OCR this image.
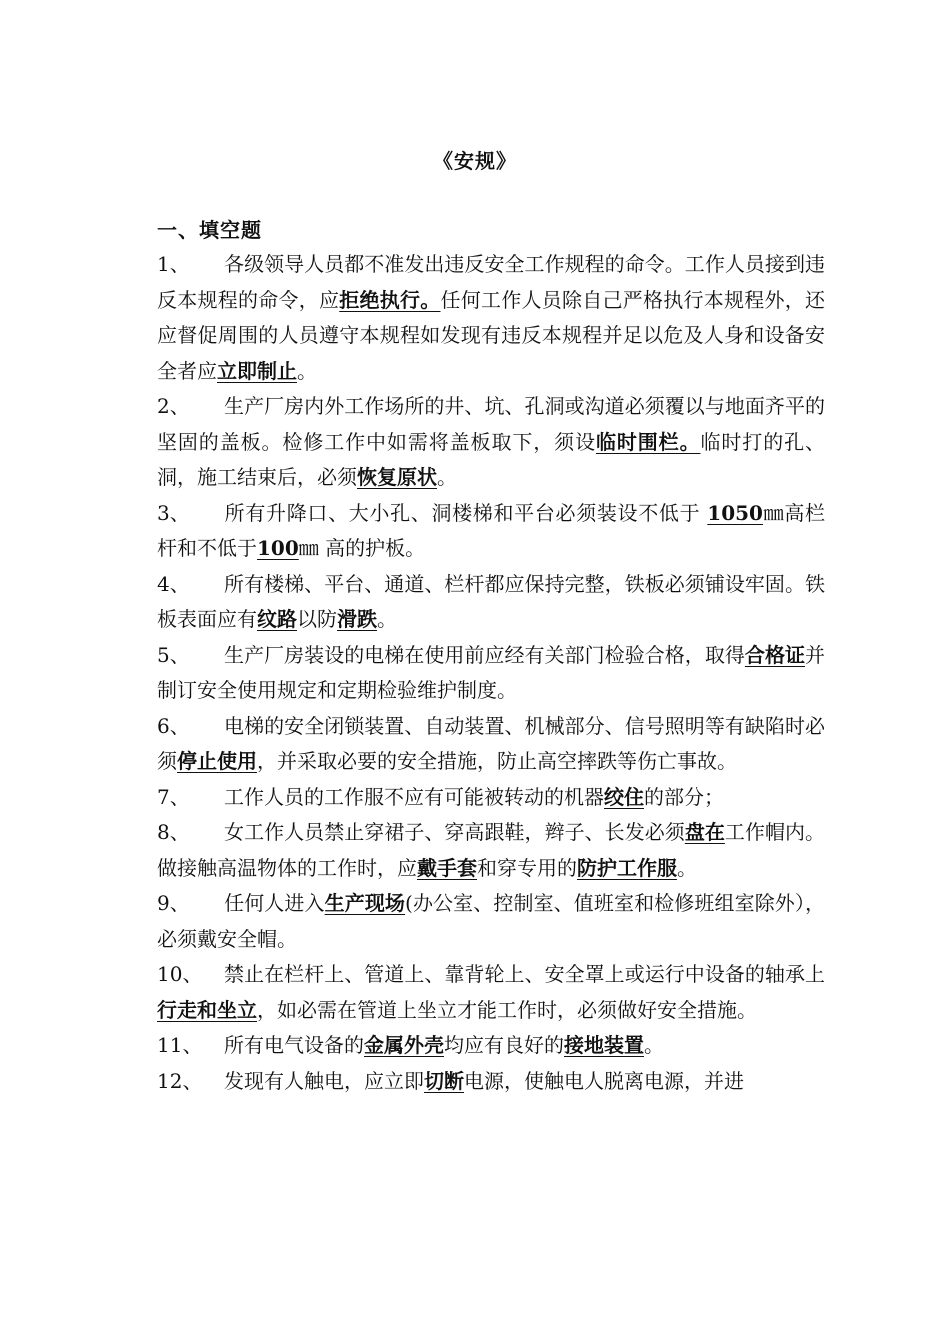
《安规》
一、填空题
1、 各级领导人员都不准发出违反安全工作规程的命令。工作人员接到违反本规程的命令，应拒绝执行。任何工作人员除自己严格执行本规程外，还应督促周围的人员遵守本规程如发现有违反本规程并足以危及人身和设备安全者应立即制止。
2、 生产厂房内外工作场所的井、坑、孔洞或沟道必须覆以与地面齐平的坚固的盖板。检修工作中如需将盖板取下，须设临时围栏。临时打的孔、洞，施工结束后，必须恢复原状。
3、 所有升降口、大小孔、洞楼梯和平台必须装设不低于 1050㎜高栏杆和不低于100㎜ 高的护板。
4、 所有楼梯、平台、通道、栏杆都应保持完整，铁板必须铺设牢固。铁板表面应有纹路以防滑跌。
5、 生产厂房装设的电梯在使用前应经有关部门检验合格，取得合格证并制订安全使用规定和定期检验维护制度。
6、 电梯的安全闭锁装置、自动装置、机械部分、信号照明等有缺陷时必须停止使用，并采取必要的安全措施，防止高空摔跌等伤亡事故。
7、 工作人员的工作服不应有可能被转动的机器绞住的部分；
8、 女工作人员禁止穿裙子、穿高跟鞋，辫子、长发必须盘在工作帽内。做接触高温物体的工作时，应戴手套和穿专用的防护工作服。
9、 任何人进入生产现场(办公室、控制室、值班室和检修班组室除外），必须戴安全帽。
10、 禁止在栏杆上、管道上、靠背轮上、安全罩上或运行中设备的轴承上行走和坐立，如必需在管道上坐立才能工作时，必须做好安全措施。
11、 所有电气设备的金属外壳均应有良好的接地装置。
12、 发现有人触电，应立即切断电源，使触电人脱离电源，并进
